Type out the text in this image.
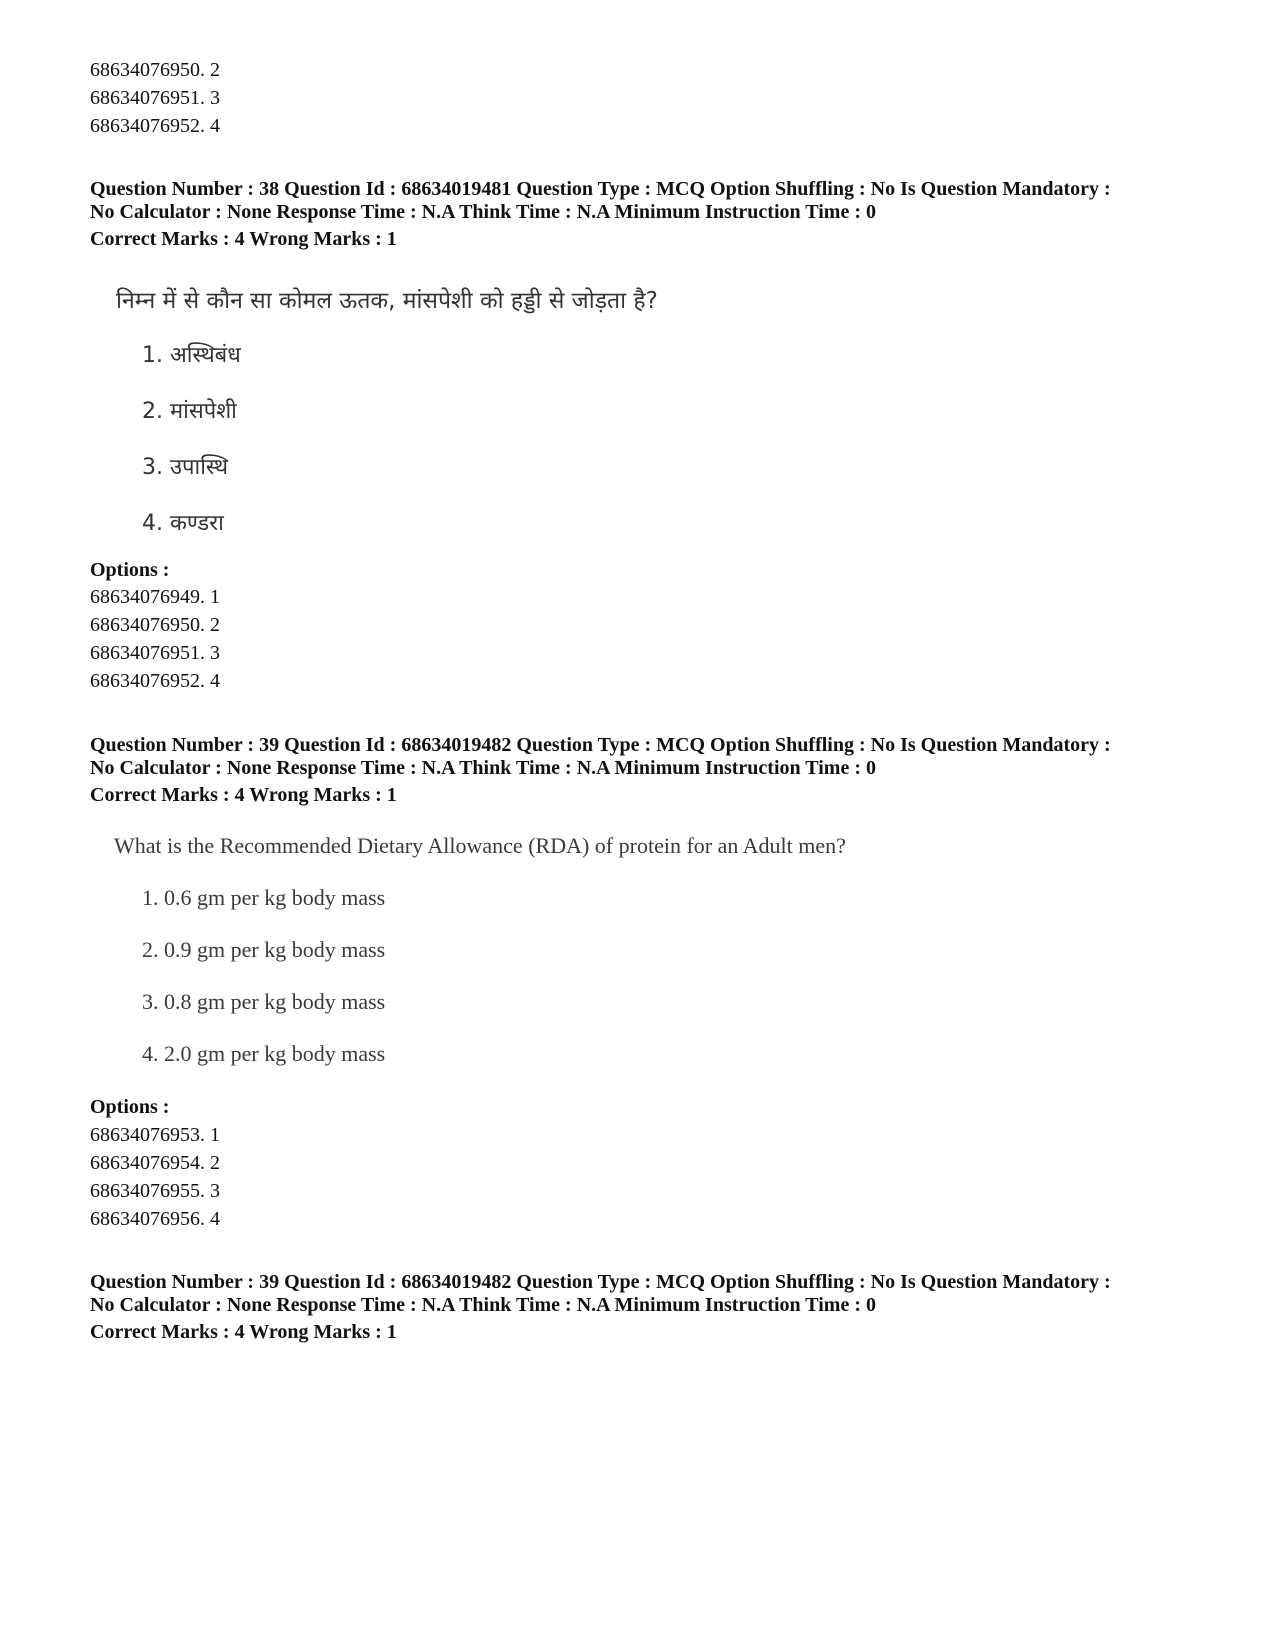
68634076950. 2
68634076951. 3
68634076952. 4
Question Number : 38 Question Id : 68634019481 Question Type : MCQ Option Shuffling : No Is Question Mandatory :
No Calculator : None Response Time : N.A Think Time : N.A Minimum Instruction Time : 0
Correct Marks : 4 Wrong Marks : 1
निम्न में से कौन सा कोमल ऊतक, मांसपेशी को हड्डी से जोड़ता है?
1. अस्थिबंध
2. मांसपेशी
3. उपास्थि
4. कण्डरा
Options :
68634076949. 1
68634076950. 2
68634076951. 3
68634076952. 4
Question Number : 39 Question Id : 68634019482 Question Type : MCQ Option Shuffling : No Is Question Mandatory :
No Calculator : None Response Time : N.A Think Time : N.A Minimum Instruction Time : 0
Correct Marks : 4 Wrong Marks : 1
What is the Recommended Dietary Allowance (RDA) of protein for an Adult men?
1. 0.6 gm per kg body mass
2. 0.9 gm per kg body mass
3. 0.8 gm per kg body mass
4. 2.0 gm per kg body mass
Options :
68634076953. 1
68634076954. 2
68634076955. 3
68634076956. 4
Question Number : 39 Question Id : 68634019482 Question Type : MCQ Option Shuffling : No Is Question Mandatory :
No Calculator : None Response Time : N.A Think Time : N.A Minimum Instruction Time : 0
Correct Marks : 4 Wrong Marks : 1
